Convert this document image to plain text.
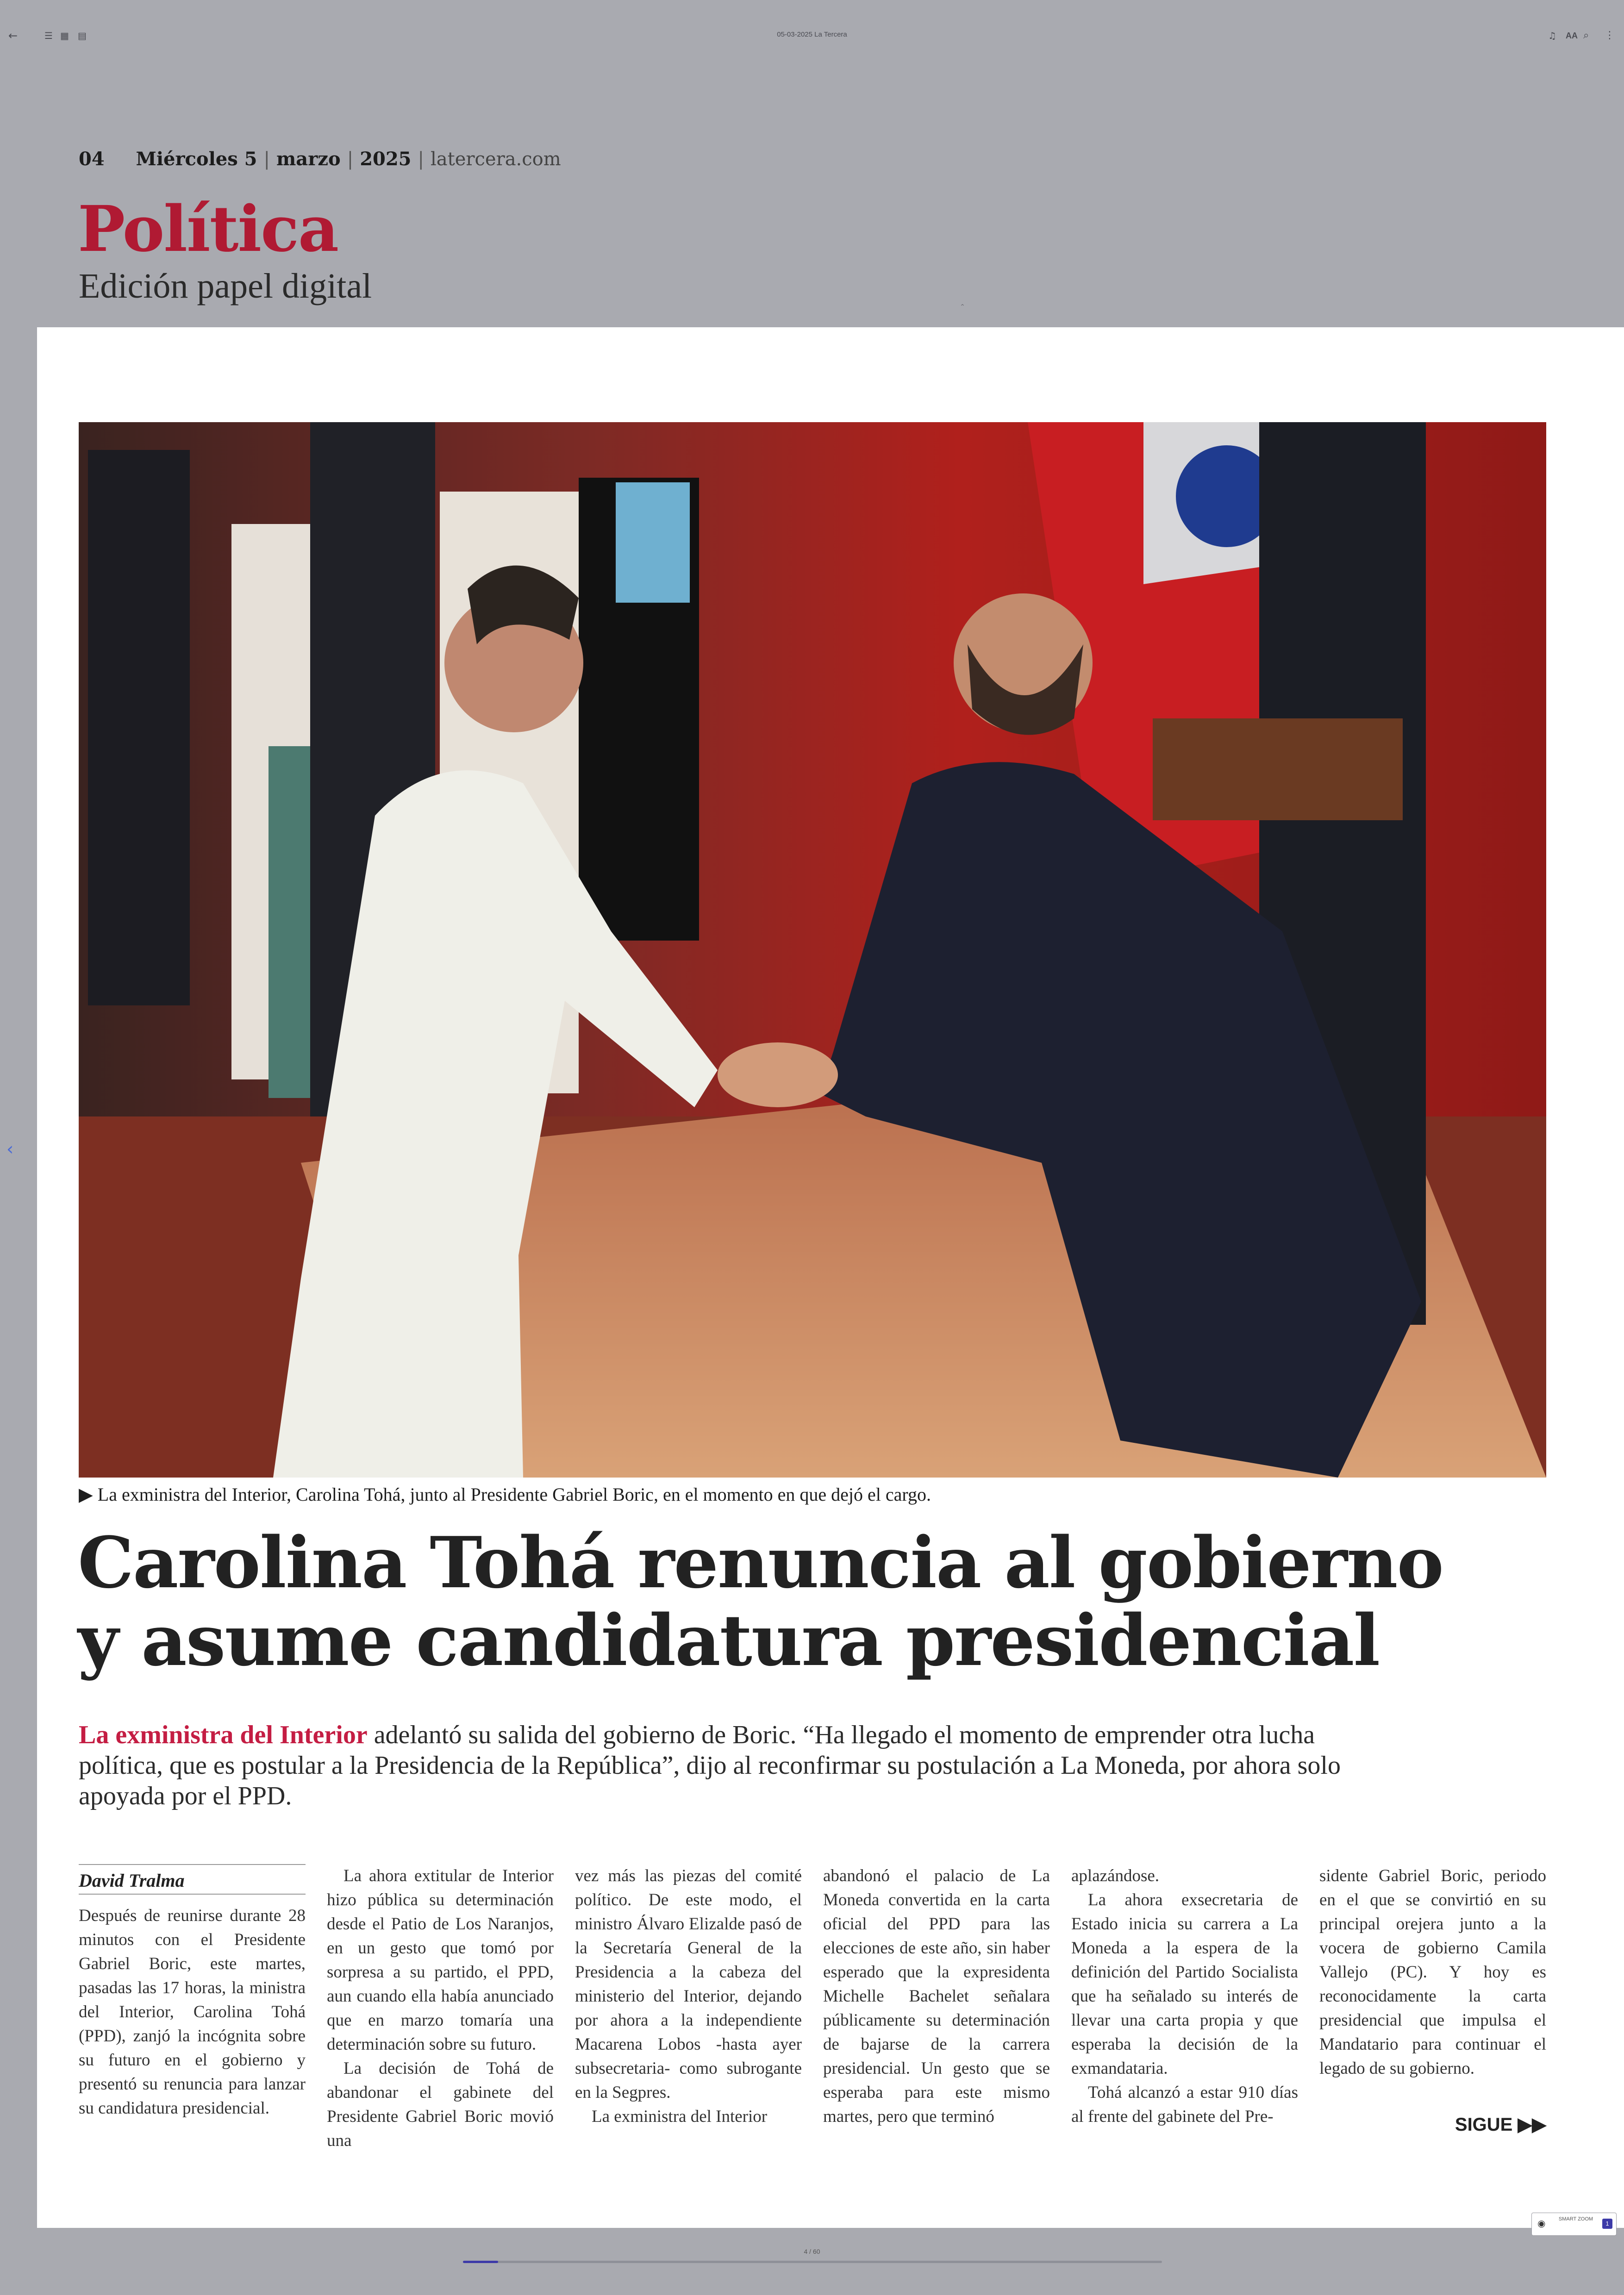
←	☰ ▦ ▤	05-03-2025 La Tercera	♫ AA ⌕ ⋮
‹
04 Miércoles 5 | marzo | 2025 | latercera.com
Política
Edición papel digital
⌃
▶ La exministra del Interior, Carolina Tohá, junto al Presidente Gabriel Boric, en el momento en que dejó el cargo.
Carolina Tohá renuncia al gobierno
y asume candidatura presidencial
La exministra del Interior adelantó su salida del gobierno de Boric. “Ha llegado el momento de emprender otra lucha política, que es postular a la Presidencia de la República”, dijo al reconfirmar su postulación a La Moneda, por ahora solo apoyada por el PPD.
David Tralma

Después de reunirse durante 28 minutos con el Presidente Gabriel Boric, este martes, pasadas las 17 horas, la ministra del Interior, Carolina Tohá (PPD), zanjó la incógnita sobre su futuro en el gobierno y presentó su renuncia para lanzar su candidatura presidencial.

La ahora extitular de Interior hizo pública su determinación desde el Patio de Los Naranjos, en un gesto que tomó por sorpresa a su partido, el PPD, aun cuando ella había anunciado que en marzo tomaría una determinación sobre su futuro.

La decisión de Tohá de abandonar el gabinete del Presidente Gabriel Boric movió una

vez más las piezas del comité político. De este modo, el ministro Álvaro Elizalde pasó de la Secretaría General de la Presidencia a la cabeza del ministerio del Interior, dejando por ahora a la independiente Macarena Lobos -hasta ayer subsecretaria- como subrogante en la Segpres.

La exministra del Interior

abandonó el palacio de La Moneda convertida en la carta oficial del PPD para las elecciones de este año, sin haber esperado que la expresidenta Michelle Bachelet señalara públicamente su determinación de bajarse de la carrera presidencial. Un gesto que se esperaba para este mismo martes, pero que terminó

aplazándose.

La ahora exsecretaria de Estado inicia su carrera a La Moneda a la espera de la definición del Partido Socialista que ha señalado su interés de llevar una carta propia y que esperaba la decisión de la exmandataria.

Tohá alcanzó a estar 910 días al frente del gabinete del Pre-

sidente Gabriel Boric, periodo en el que se convirtió en su principal orejera junto a la vocera de gobierno Camila Vallejo (PC). Y hoy es reconocidamente la carta presidencial que impulsa el Mandatario para continuar el legado de su gobierno.

SIGUE ▶▶
4 / 60
◉	SMART ZOOM
1
